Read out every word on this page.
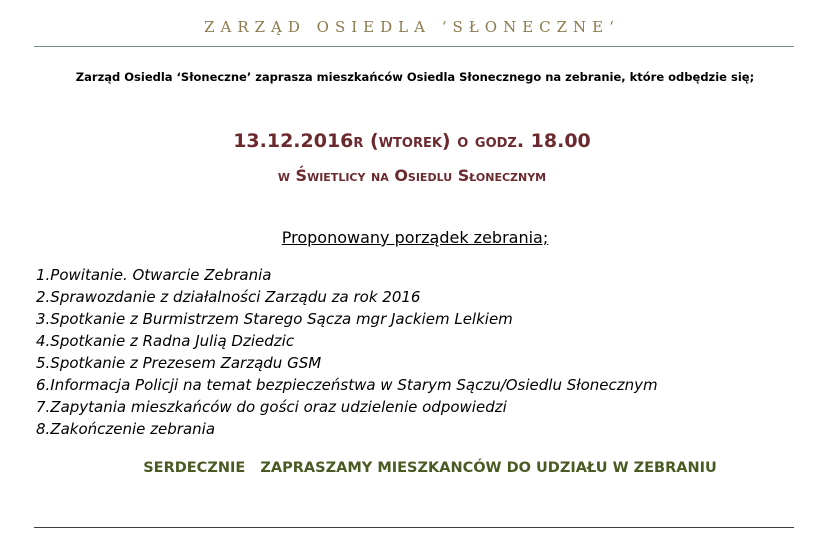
ZARZĄD OSIEDLA ‘SŁONECZNE‘
Zarząd Osiedla ‘Słoneczne’ zaprasza mieszkańców Osiedla Słonecznego na zebranie, które odbędzie się;
13.12.2016r (wtorek) o godz. 18.00
w Świetlicy na Osiedlu Słonecznym
Proponowany porządek zebrania;
1.Powitanie. Otwarcie Zebrania
2.Sprawozdanie z działalności Zarządu za rok 2016
3.Spotkanie z Burmistrzem Starego Sącza mgr Jackiem Lelkiem
4.Spotkanie z Radna Julią Dziedzic
5.Spotkanie z Prezesem Zarządu GSM
6.Informacja Policji na temat bezpieczeństwa w Starym Sączu/Osiedlu Słonecznym
7.Zapytania mieszkańców do gości oraz udzielenie odpowiedzi
8.Zakończenie zebrania
SERDECZNIE   ZAPRASZAMY MIESZKANCÓW DO UDZIAŁU W ZEBRANIU
